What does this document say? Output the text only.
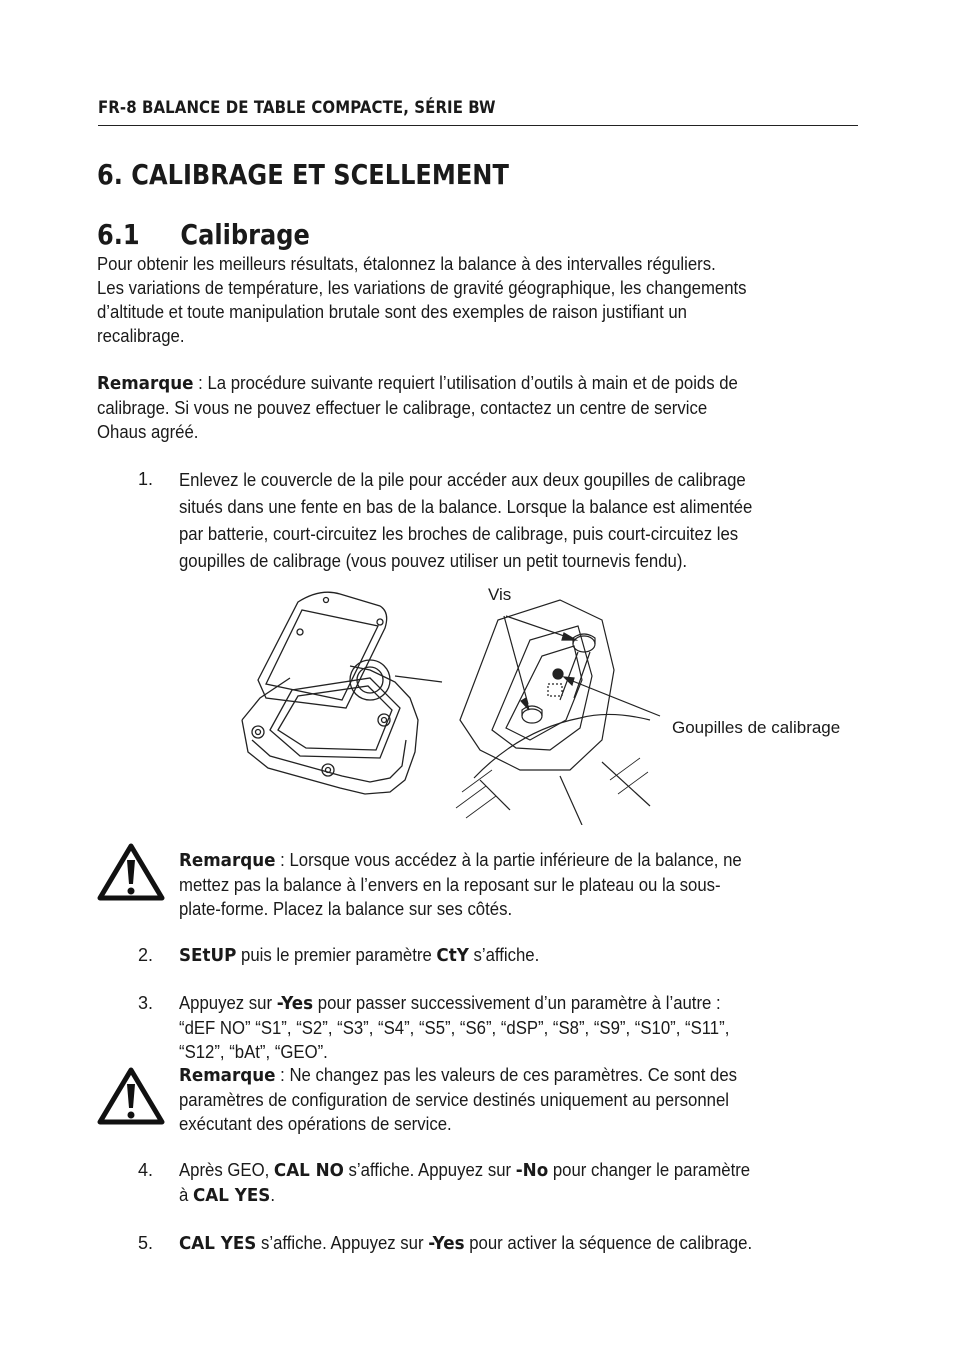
FR-8 BALANCE DE TABLE COMPACTE, SÉRIE BW
6. CALIBRAGE ET SCELLEMENT
6.1 Calibrage
Pour obtenir les meilleurs résultats, étalonnez la balance à des intervalles réguliers.
Les variations de température, les variations de gravité géographique, les changements
d’altitude et toute manipulation brutale sont des exemples de raison justifiant un
recalibrage.
Remarque : La procédure suivante requiert l’utilisation d’outils à main et de poids de
calibrage. Si vous ne pouvez effectuer le calibrage, contactez un centre de service
Ohaus agréé.
1. Enlevez le couvercle de la pile pour accéder aux deux goupilles de calibrage
situés dans une fente en bas de la balance. Lorsque la balance est alimentée
par batterie, court-circuitez les broches de calibrage, puis court-circuitez les
goupilles de calibrage (vous pouvez utiliser un petit tournevis fendu).
Vis
Goupilles de calibrage
Remarque : Lorsque vous accédez à la partie inférieure de la balance, ne
mettez pas la balance à l’envers en la reposant sur le plateau ou la sous-
plate-forme. Placez la balance sur ses côtés.
2. SEtUP puis le premier paramètre CtY s’affiche.
3. Appuyez sur -Yes pour passer successivement d’un paramètre à l’autre :
“dEF NO” “S1”, “S2”, “S3”, “S4”, “S5”, “S6”, “dSP”, “S8”, “S9”, “S10”, “S11”,
“S12”, “bAt”, “GEO”.
Remarque : Ne changez pas les valeurs de ces paramètres. Ce sont des
paramètres de configuration de service destinés uniquement au personnel
exécutant des opérations de service.
4. Après GEO, CAL NO s’affiche. Appuyez sur -No pour changer le paramètre
à CAL YES.
5. CAL YES s’affiche. Appuyez sur -Yes pour activer la séquence de calibrage.
